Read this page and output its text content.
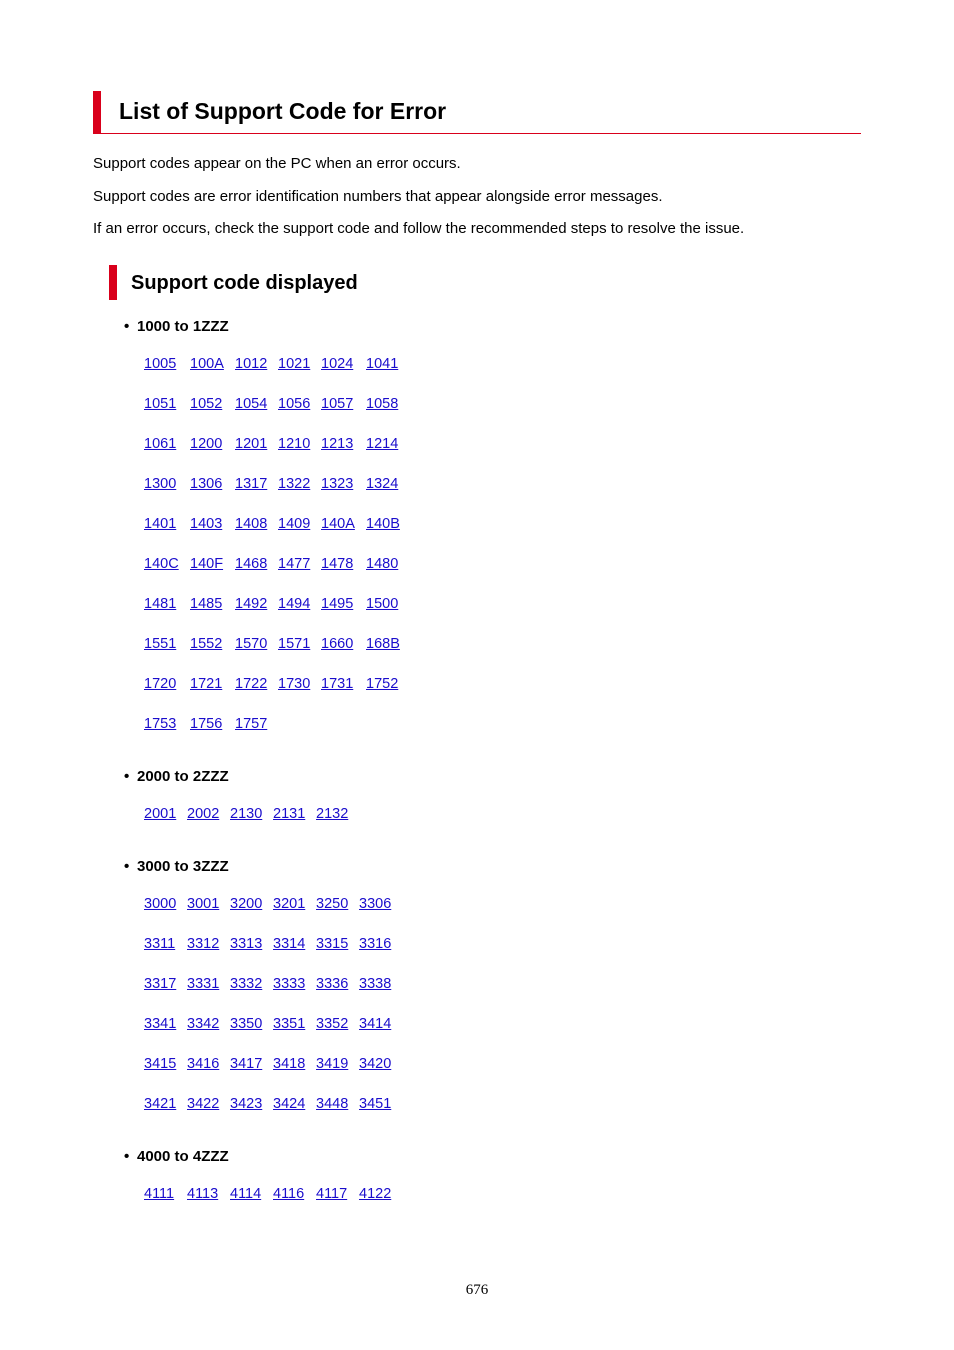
List of Support Code for Error
Support codes appear on the PC when an error occurs.
Support codes are error identification numbers that appear alongside error messages.
If an error occurs, check the support code and follow the recommended steps to resolve the issue.
Support code displayed
• 1000 to 1ZZZ
1005 100A 1012 1021 1024 1041
1051 1052 1054 1056 1057 1058
1061 1200 1201 1210 1213 1214
1300 1306 1317 1322 1323 1324
1401 1403 1408 1409 140A 140B
140C 140F 1468 1477 1478 1480
1481 1485 1492 1494 1495 1500
1551 1552 1570 1571 1660 168B
1720 1721 1722 1730 1731 1752
1753 1756 1757
• 2000 to 2ZZZ
2001 2002 2130 2131 2132
• 3000 to 3ZZZ
3000 3001 3200 3201 3250 3306
3311 3312 3313 3314 3315 3316
3317 3331 3332 3333 3336 3338
3341 3342 3350 3351 3352 3414
3415 3416 3417 3418 3419 3420
3421 3422 3423 3424 3448 3451
• 4000 to 4ZZZ
4111 4113 4114 4116 4117 4122
676
